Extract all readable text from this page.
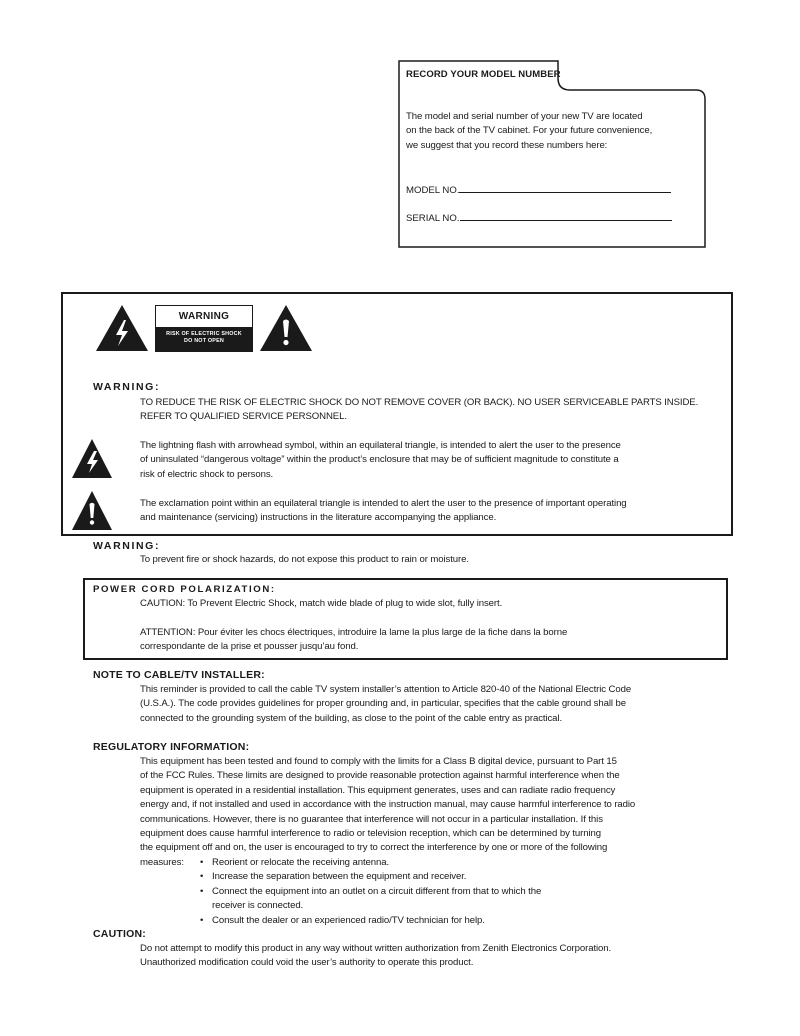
RECORD YOUR MODEL NUMBER
The model and serial number of your new TV are located
on the back of the TV cabinet. For your future convenience,
we suggest that you record these numbers here:
MODEL NO.
SERIAL NO.
WARNING
RISK OF ELECTRIC SHOCK
DO NOT OPEN
WARNING:
TO REDUCE THE RISK OF ELECTRIC SHOCK DO NOT REMOVE COVER (OR BACK). NO USER SERVICEABLE PARTS INSIDE.
REFER TO QUALIFIED SERVICE PERSONNEL.
The lightning flash with arrowhead symbol, within an equilateral triangle, is intended to alert the user to the presence
of uninsulated “dangerous voltage” within the product’s enclosure that may be of sufficient magnitude to constitute a
risk of electric shock to persons.
The exclamation point within an equilateral triangle is intended to alert the user to the presence of important operating
and maintenance (servicing) instructions in the literature accompanying the appliance.
WARNING:
To prevent fire or shock hazards, do not expose this product to rain or moisture.
POWER CORD POLARIZATION:
CAUTION: To Prevent Electric Shock, match wide blade of plug to wide slot, fully insert.
ATTENTION: Pour éviter les chocs électriques, introduire la lame la plus large de la fiche dans la borne
correspondante de la prise et pousser jusqu’au fond.
NOTE TO CABLE/TV INSTALLER:
This reminder is provided to call the cable TV system installer’s attention to Article 820-40 of the National Electric Code
(U.S.A.). The code provides guidelines for proper grounding and, in particular, specifies that the cable ground shall be
connected to the grounding system of the building, as close to the point of the cable entry as practical.
REGULATORY INFORMATION:
This equipment has been tested and found to comply with the limits for a Class B digital device, pursuant to Part 15
of the FCC Rules. These limits are designed to provide reasonable protection against harmful interference when the
equipment is operated in a residential installation. This equipment generates, uses and can radiate radio frequency
energy and, if not installed and used in accordance with the instruction manual, may cause harmful interference to radio
communications. However, there is no guarantee that interference will not occur in a particular installation. If this
equipment does cause harmful interference to radio or television reception, which can be determined by turning
the equipment off and on, the user is encouraged to try to correct the interference by one or more of the following
measures: • Reorient or relocate the receiving antenna.
• Increase the separation between the equipment and receiver.
• Connect the equipment into an outlet on a circuit different from that to which the
receiver is connected.
• Consult the dealer or an experienced radio/TV technician for help.
CAUTION:
Do not attempt to modify this product in any way without written authorization from Zenith Electronics Corporation.
Unauthorized modification could void the user’s authority to operate this product.
